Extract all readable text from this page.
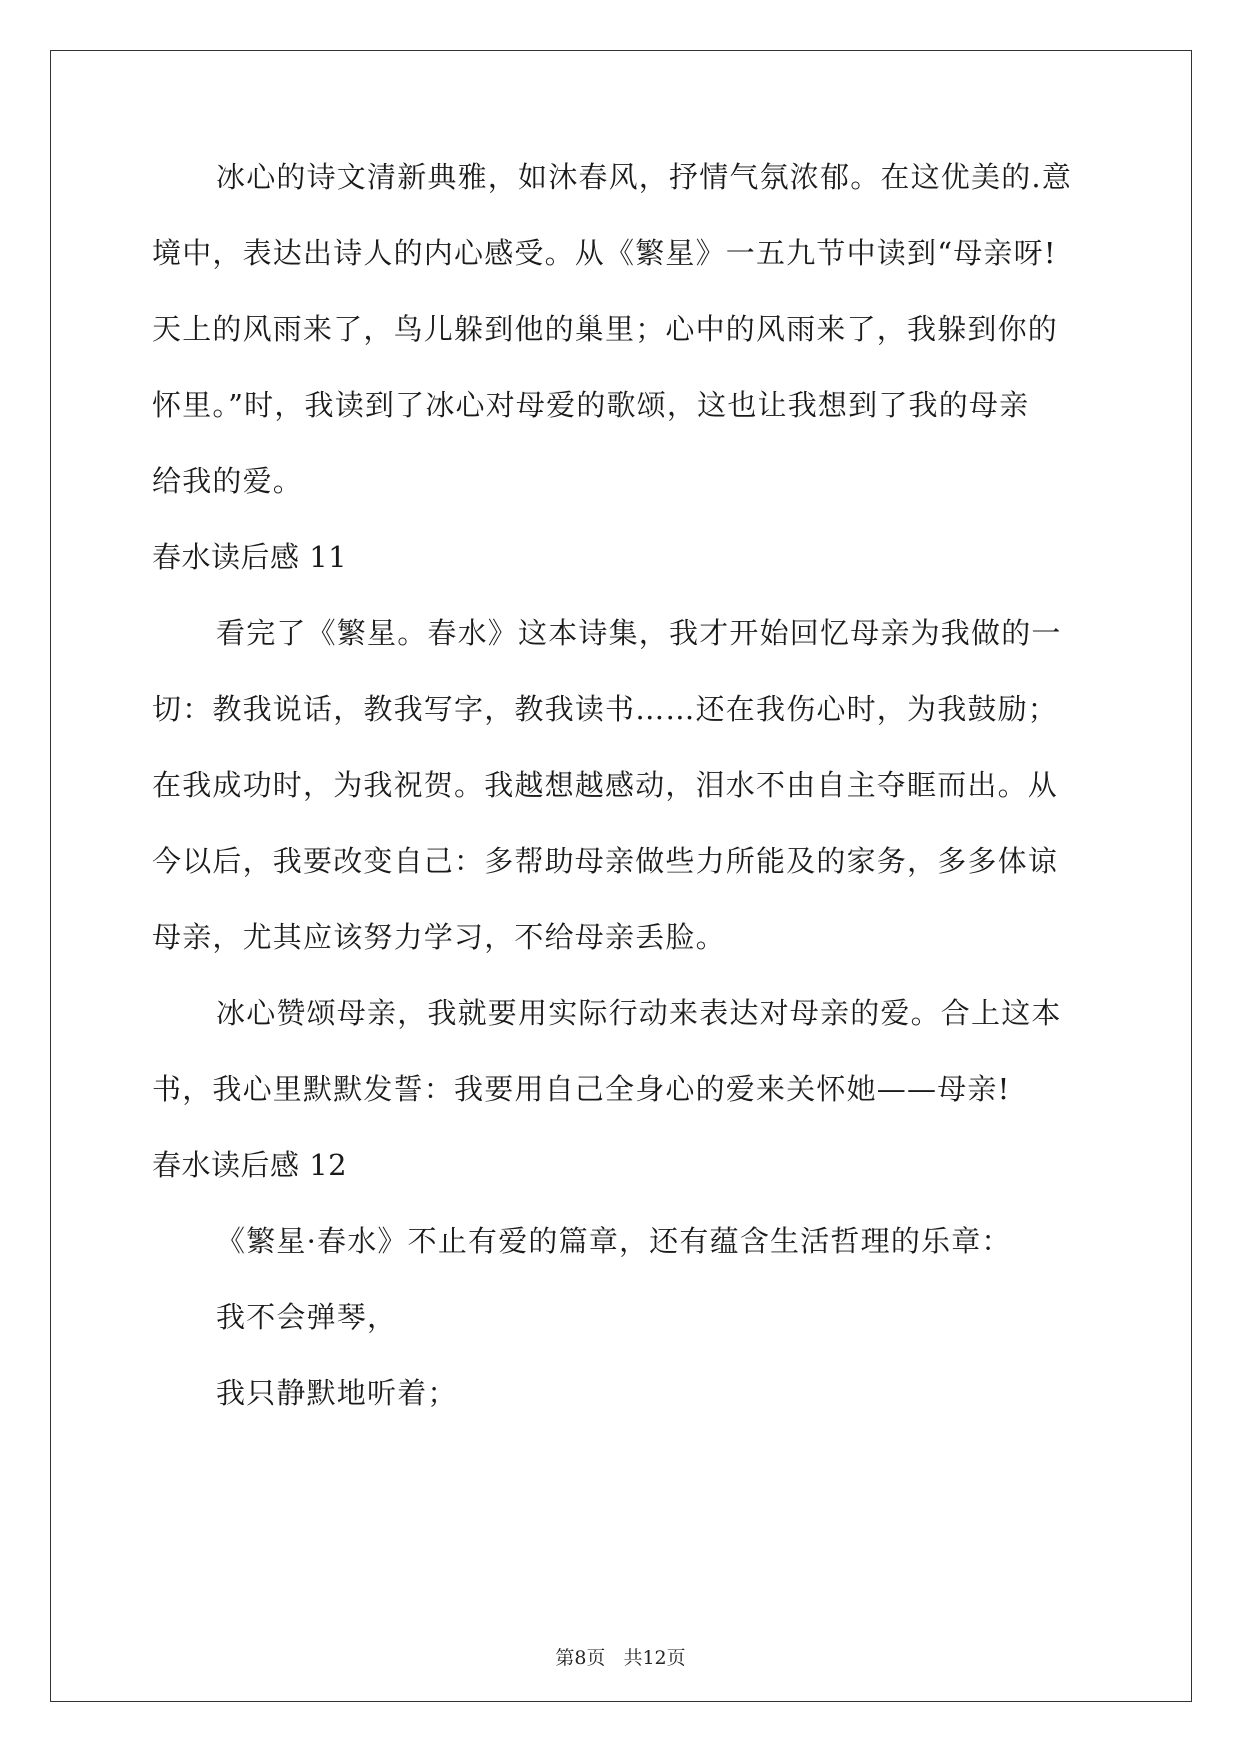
冰心的诗文清新典雅，如沐春风，抒情气氛浓郁。在这优美的.意
境中，表达出诗人的内心感受。从《繁星》一五九节中读到“母亲呀!
天上的风雨来了，鸟儿躲到他的巢里；心中的风雨来了，我躲到你的
怀里。”时，我读到了冰心对母爱的歌颂，这也让我想到了我的母亲
给我的爱。
春水读后感 11
看完了《繁星。春水》这本诗集，我才开始回忆母亲为我做的一
切：教我说话，教我写字，教我读书……还在我伤心时，为我鼓励；
在我成功时，为我祝贺。我越想越感动，泪水不由自主夺眶而出。从
今以后，我要改变自己：多帮助母亲做些力所能及的家务，多多体谅
母亲，尤其应该努力学习，不给母亲丢脸。
冰心赞颂母亲，我就要用实际行动来表达对母亲的爱。合上这本
书，我心里默默发誓：我要用自己全身心的爱来关怀她——母亲!
春水读后感 12
《繁星·春水》不止有爱的篇章，还有蕴含生活哲理的乐章：
我不会弹琴，
我只静默地听着；
第8页 共12页
